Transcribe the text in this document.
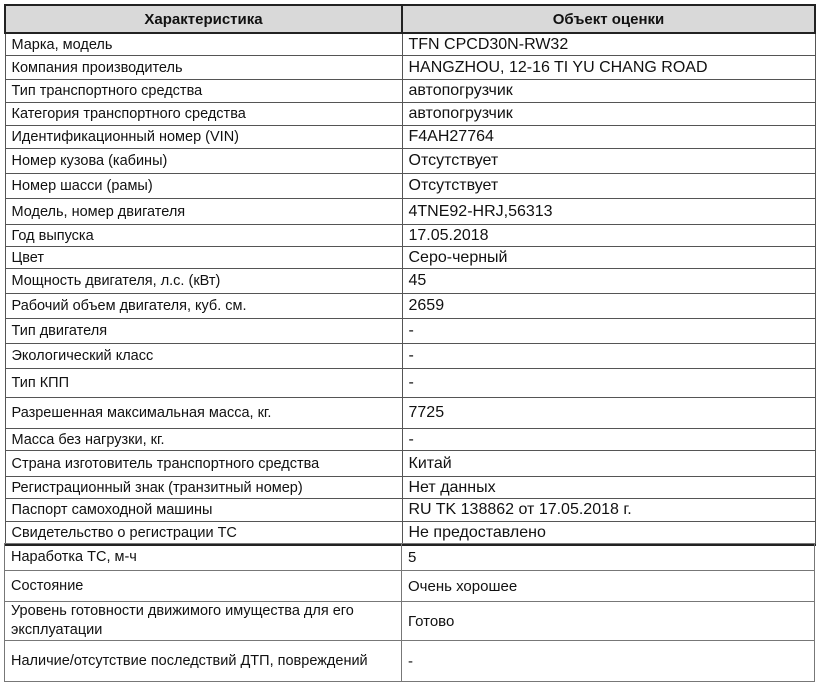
Характеристика	Объект оценки
Марка, модель	TFN CPCD30N-RW32
Компания производитель	HANGZHOU, 12-16 TI YU CHANG ROAD
Тип транспортного средства	автопогрузчик
Категория транспортного средства	автопогрузчик
Идентификационный номер (VIN)	F4AH27764
Номер кузова (кабины)	Отсутствует
Номер шасси (рамы)	Отсутствует
Модель, номер двигателя	4TNE92-HRJ,56313
Год выпуска	17.05.2018
Цвет	Серо-черный
Мощность двигателя, л.с. (кВт)	45
Рабочий объем двигателя, куб. см.	2659
Тип двигателя	-
Экологический класс	-
Тип КПП	-
Разрешенная максимальная масса, кг.	7725
Масса без нагрузки, кг.	-
Страна изготовитель транспортного средства	Китай
Регистрационный знак (транзитный номер)	Нет данных
Паспорт самоходной машины	RU TK 138862 от 17.05.2018 г.
Свидетельство о регистрации ТС	Не предоставлено
Наработка ТС, м-ч	5
Состояние	Очень хорошее
Уровень готовности движимого имущества для его эксплуатации	Готово
Наличие/отсутствие последствий ДТП, повреждений	-
